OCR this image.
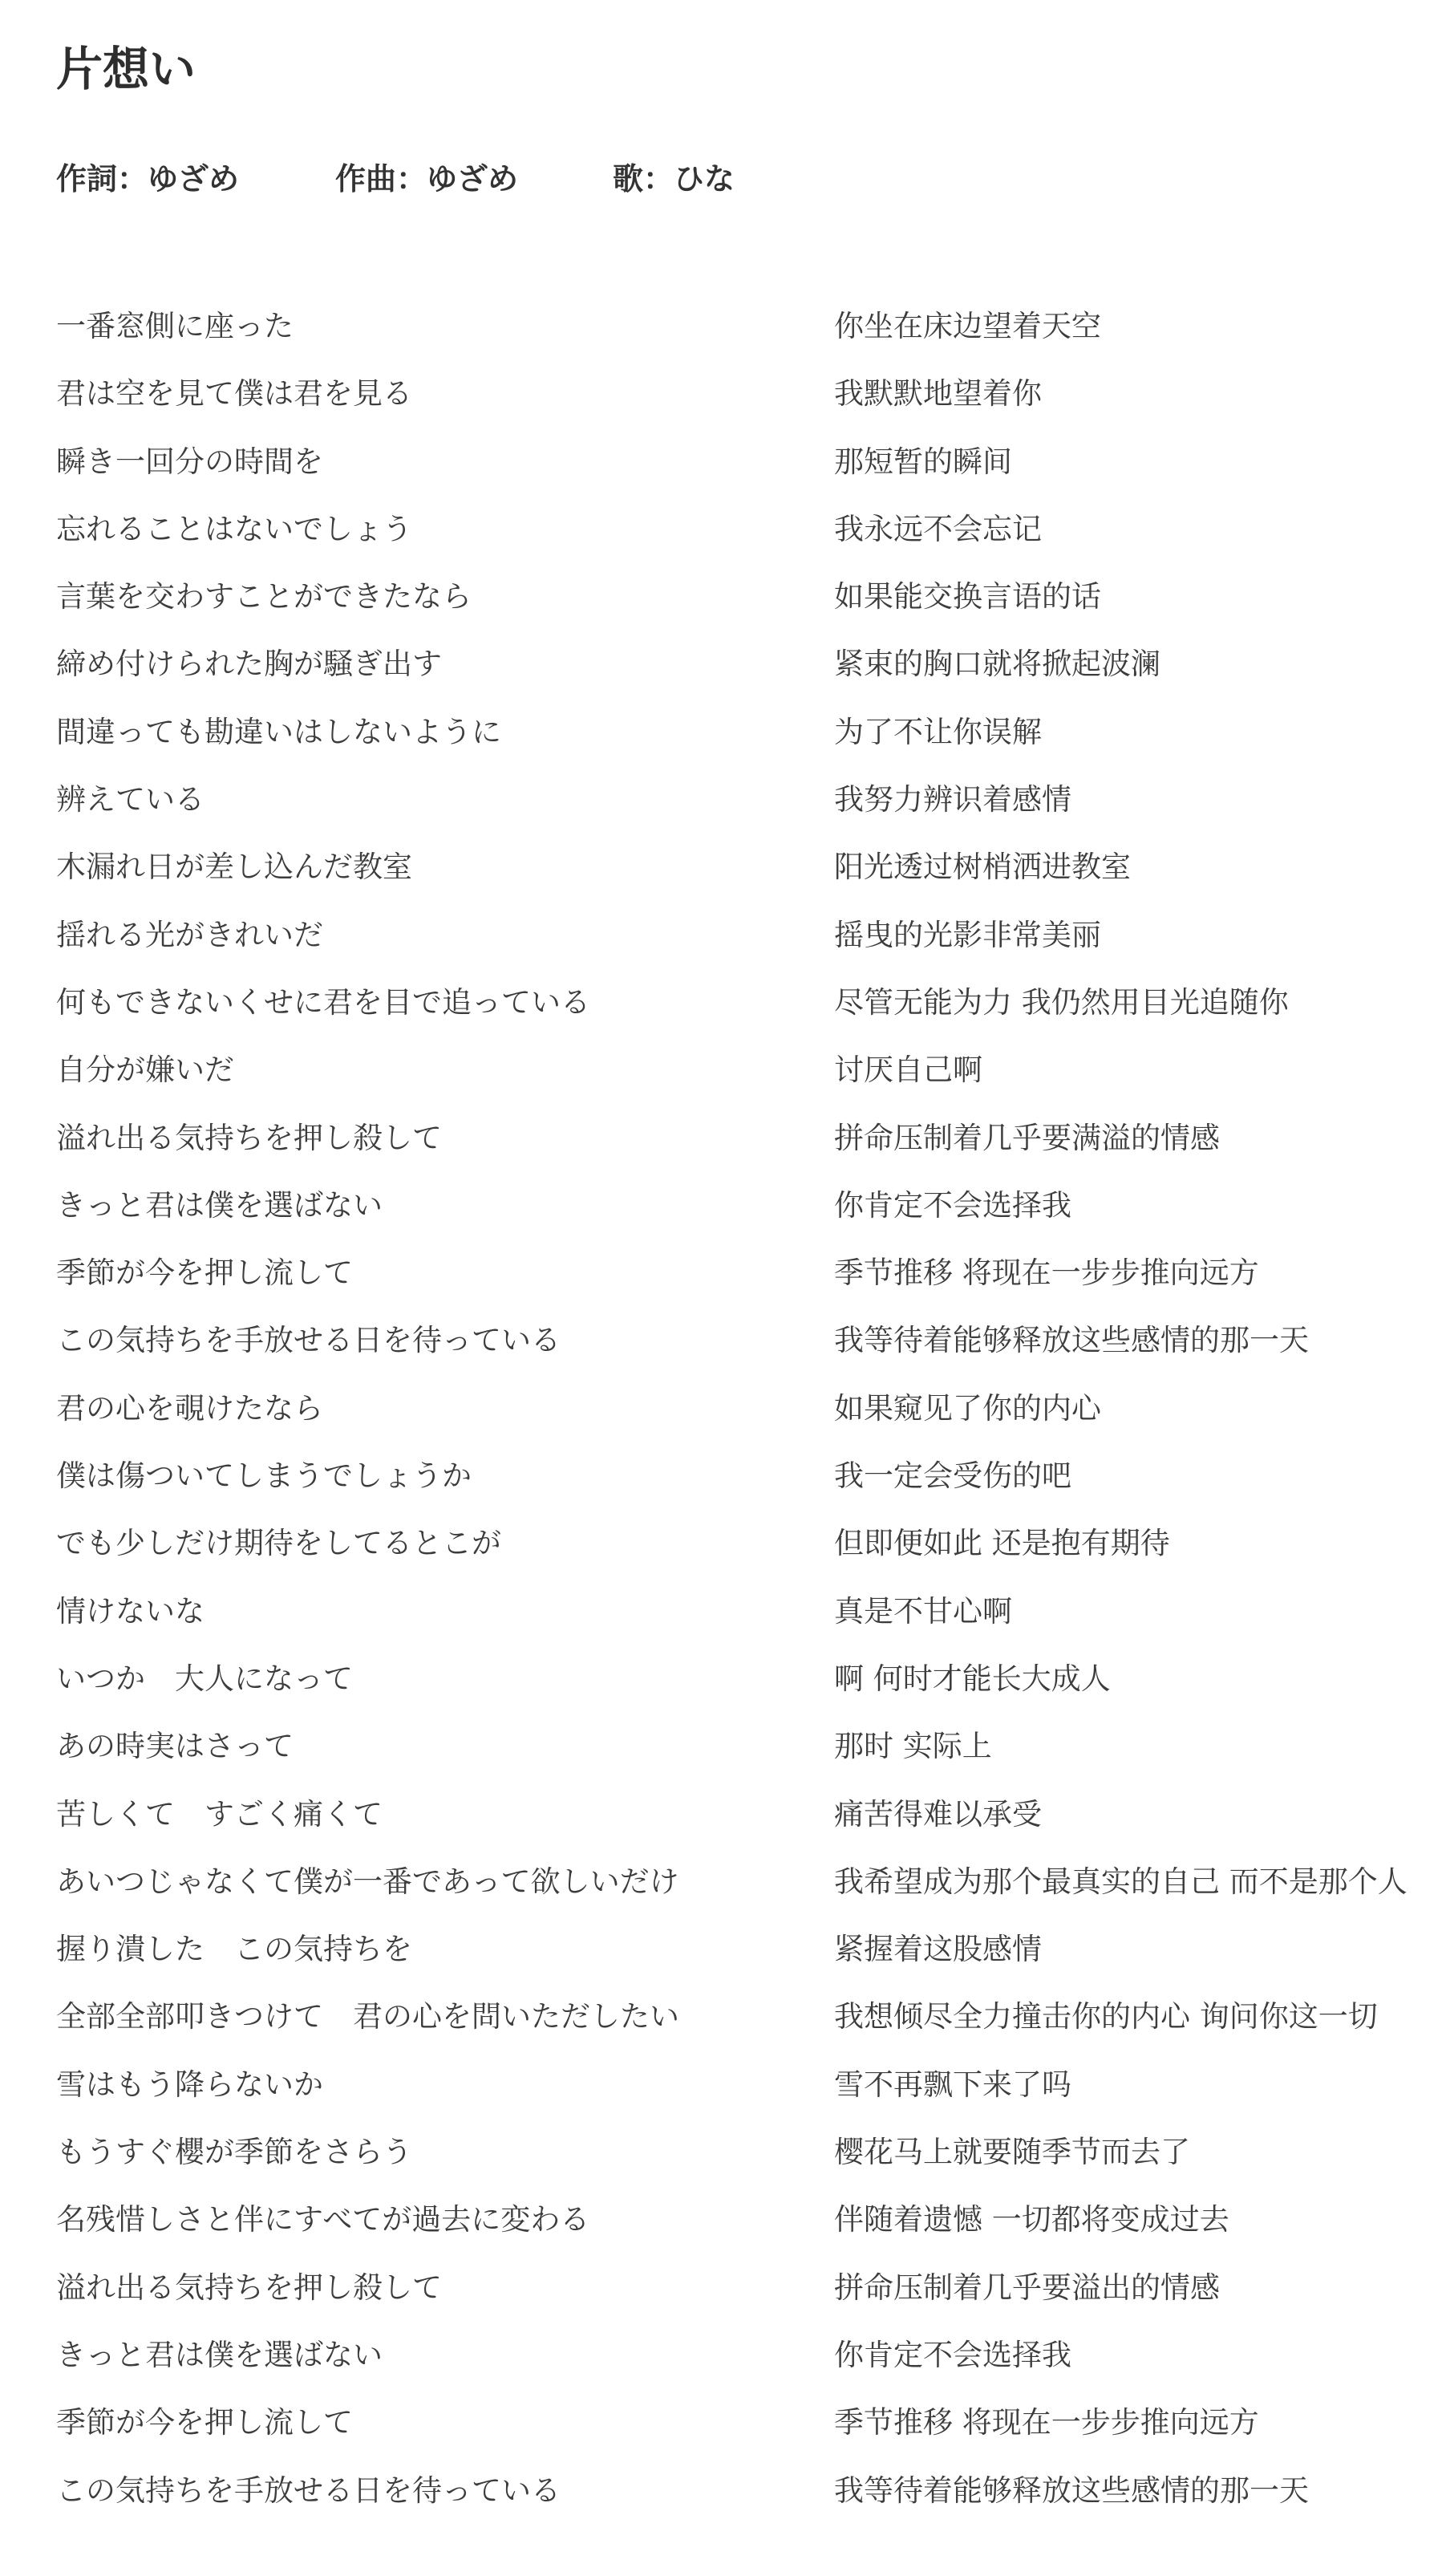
片想い
作詞：ゆざめ	作曲：ゆざめ	歌：ひな
一番窓側に座った	你坐在床边望着天空
君は空を見て僕は君を見る	我默默地望着你
瞬き一回分の時間を	那短暂的瞬间
忘れることはないでしょう	我永远不会忘记
言葉を交わすことができたなら	如果能交换言语的话
締め付けられた胸が騒ぎ出す	紧束的胸口就将掀起波澜
間違っても勘違いはしないように	为了不让你误解
辨えている	我努力辨识着感情
木漏れ日が差し込んだ教室	阳光透过树梢洒进教室
揺れる光がきれいだ	摇曳的光影非常美丽
何もできないくせに君を目で追っている	尽管无能为力 我仍然用目光追随你
自分が嫌いだ	讨厌自己啊
溢れ出る気持ちを押し殺して	拼命压制着几乎要满溢的情感
きっと君は僕を選ばない	你肯定不会选择我
季節が今を押し流して	季节推移 将现在一步步推向远方
この気持ちを手放せる日を待っている	我等待着能够释放这些感情的那一天
君の心を覗けたなら	如果窥见了你的内心
僕は傷ついてしまうでしょうか	我一定会受伤的吧
でも少しだけ期待をしてるとこが	但即便如此 还是抱有期待
情けないな	真是不甘心啊
いつか　大人になって	啊 何时才能长大成人
あの時実はさって	那时 实际上
苦しくて　すごく痛くて	痛苦得难以承受
あいつじゃなくて僕が一番であって欲しいだけ	我希望成为那个最真实的自己 而不是那个人
握り潰した　この気持ちを	紧握着这股感情
全部全部叩きつけて　君の心を問いただしたい	我想倾尽全力撞击你的内心 询问你这一切
雪はもう降らないか	雪不再飘下来了吗
もうすぐ櫻が季節をさらう	樱花马上就要随季节而去了
名残惜しさと伴にすべてが過去に変わる	伴随着遗憾 一切都将变成过去
溢れ出る気持ちを押し殺して	拼命压制着几乎要溢出的情感
きっと君は僕を選ばない	你肯定不会选择我
季節が今を押し流して	季节推移 将现在一步步推向远方
この気持ちを手放せる日を待っている	我等待着能够释放这些感情的那一天
